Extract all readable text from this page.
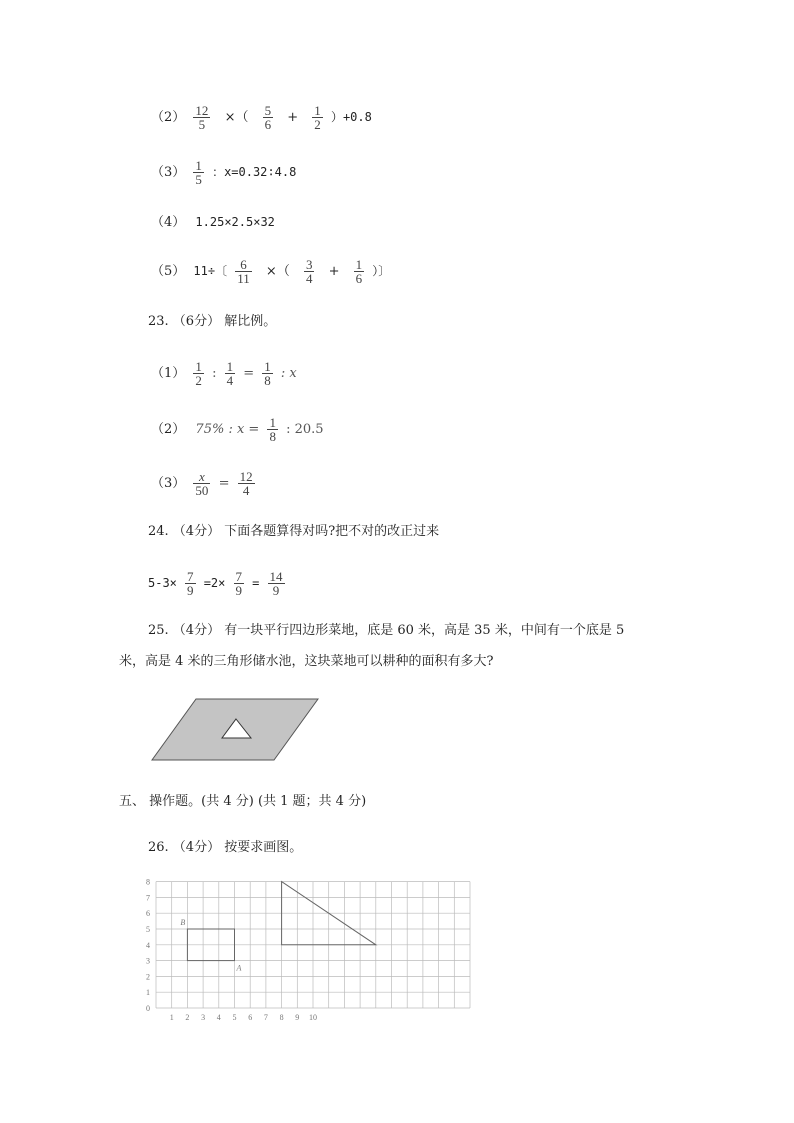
$(2) \frac{12}{5}$ ×（ $\frac{5}{6} + \frac{1}{2} )+0.8$
$(3) \frac{1}{5}$ ：x=0.32∶4.8
（4） 1.25×2.5×32
（5） 11÷〔 $\frac{6}{11}$ ×（ $\frac{3}{4} + \frac{1}{6}$ ）〕
23. （6分） 解比例。
$(1) \frac{1}{2}$ : $\frac{1}{4} = \frac{1}{8}$ : x
（2） 75% : $x = \frac{1}{8}$ : 20.5
$(3) \frac{x}{50} = \frac{12}{4}$
24. （4分） 下面各题算得对吗?把不对的改正过来
$5-3\times \frac{7}{9} =2\times \frac{7}{9} = \frac{14}{9}$
25. （4分） 有一块平行四边形菜地，底是 60 米，高是 35 米，中间有一个底是 5
米，高是 4 米的三角形储水池，这块菜地可以耕种的面积有多大?
五、 操作题。(共 4 分) (共 1 题；共 4 分)
26. （4分） 按要求画图。
0
1
2
3
4
5
6
7
8
1 2 3 4 5 6 7 8 9 10
B
A
